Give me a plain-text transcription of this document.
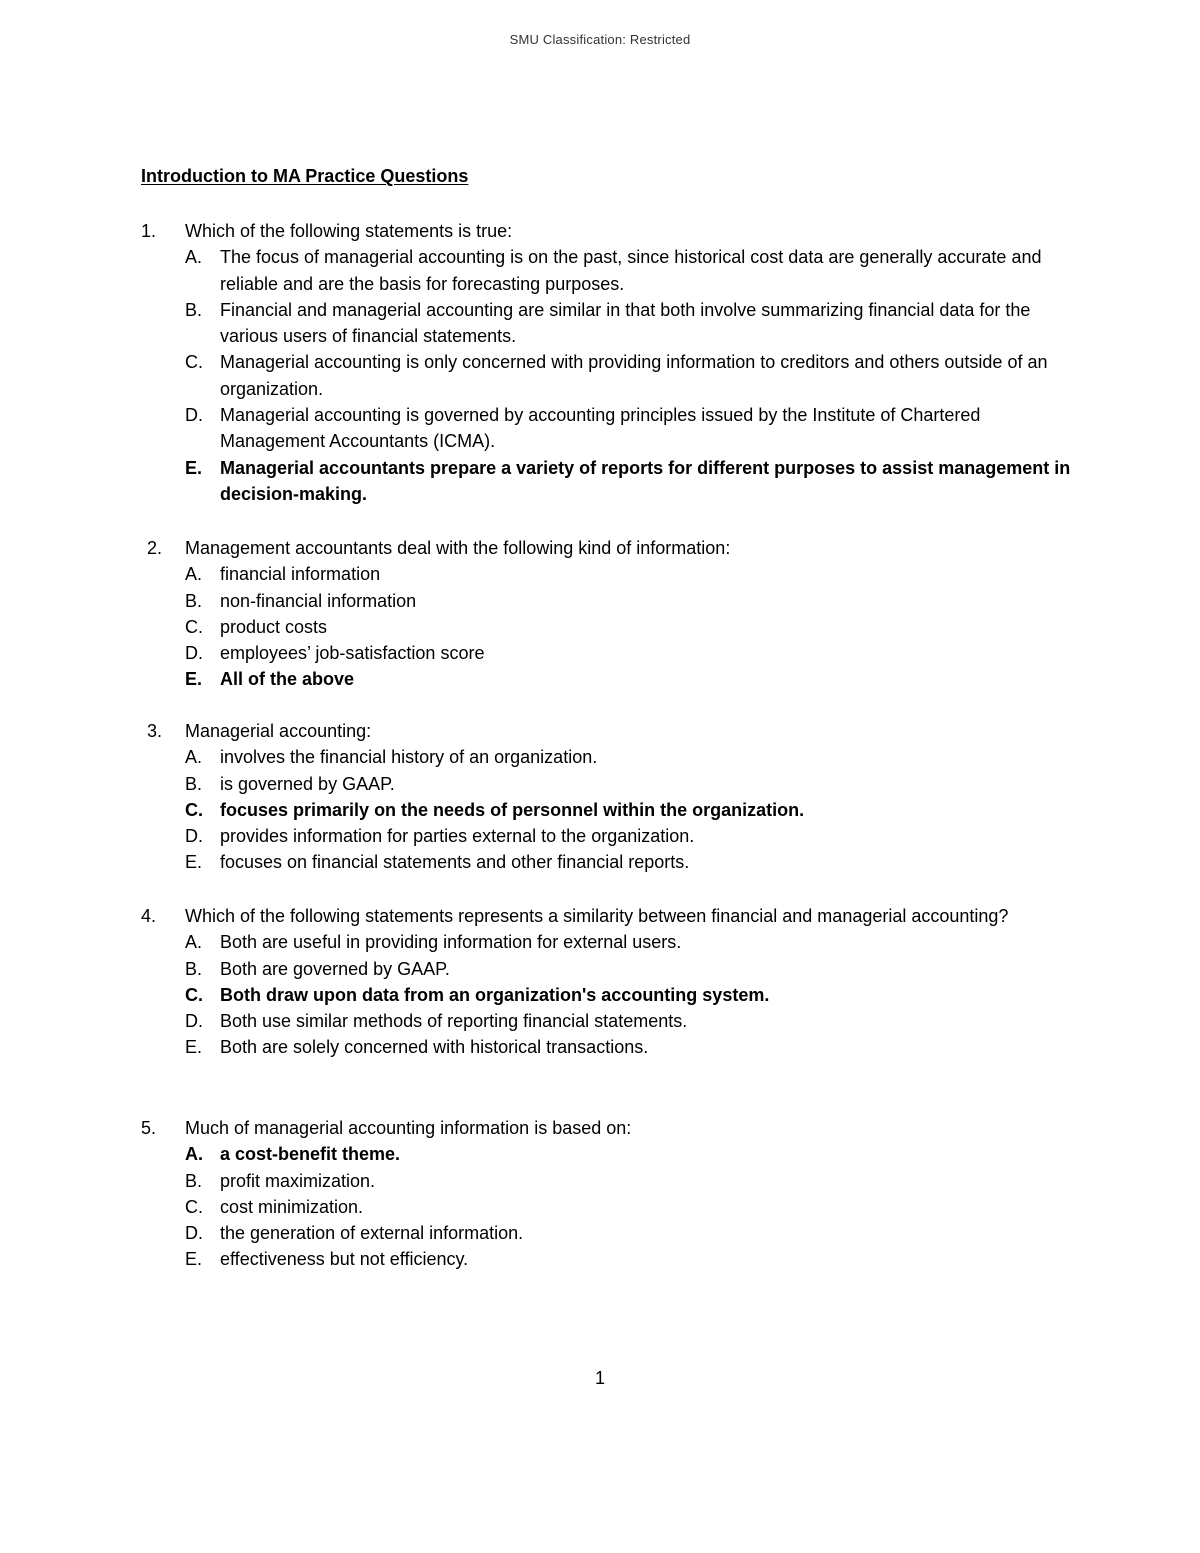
SMU Classification: Restricted
Introduction to MA Practice Questions
1.	Which of the following statements is true:
A. The focus of managerial accounting is on the past, since historical cost data are generally accurate and reliable and are the basis for forecasting purposes.
B. Financial and managerial accounting are similar in that both involve summarizing financial data for the various users of financial statements.
C. Managerial accounting is only concerned with providing information to creditors and others outside of an organization.
D. Managerial accounting is governed by accounting principles issued by the Institute of Chartered Management Accountants (ICMA).
E. Managerial accountants prepare a variety of reports for different purposes to assist management in decision-making.
2.	Management accountants deal with the following kind of information:
A. financial information
B. non-financial information
C. product costs
D. employees’ job-satisfaction score
E. All of the above
3.	Managerial accounting:
A. involves the financial history of an organization.
B. is governed by GAAP.
C. focuses primarily on the needs of personnel within the organization.
D. provides information for parties external to the organization.
E. focuses on financial statements and other financial reports.
4.	Which of the following statements represents a similarity between financial and managerial accounting?
A. Both are useful in providing information for external users.
B. Both are governed by GAAP.
C. Both draw upon data from an organization's accounting system.
D. Both use similar methods of reporting financial statements.
E. Both are solely concerned with historical transactions.
5.	Much of managerial accounting information is based on:
A. a cost-benefit theme.
B. profit maximization.
C. cost minimization.
D. the generation of external information.
E. effectiveness but not efficiency.
1
